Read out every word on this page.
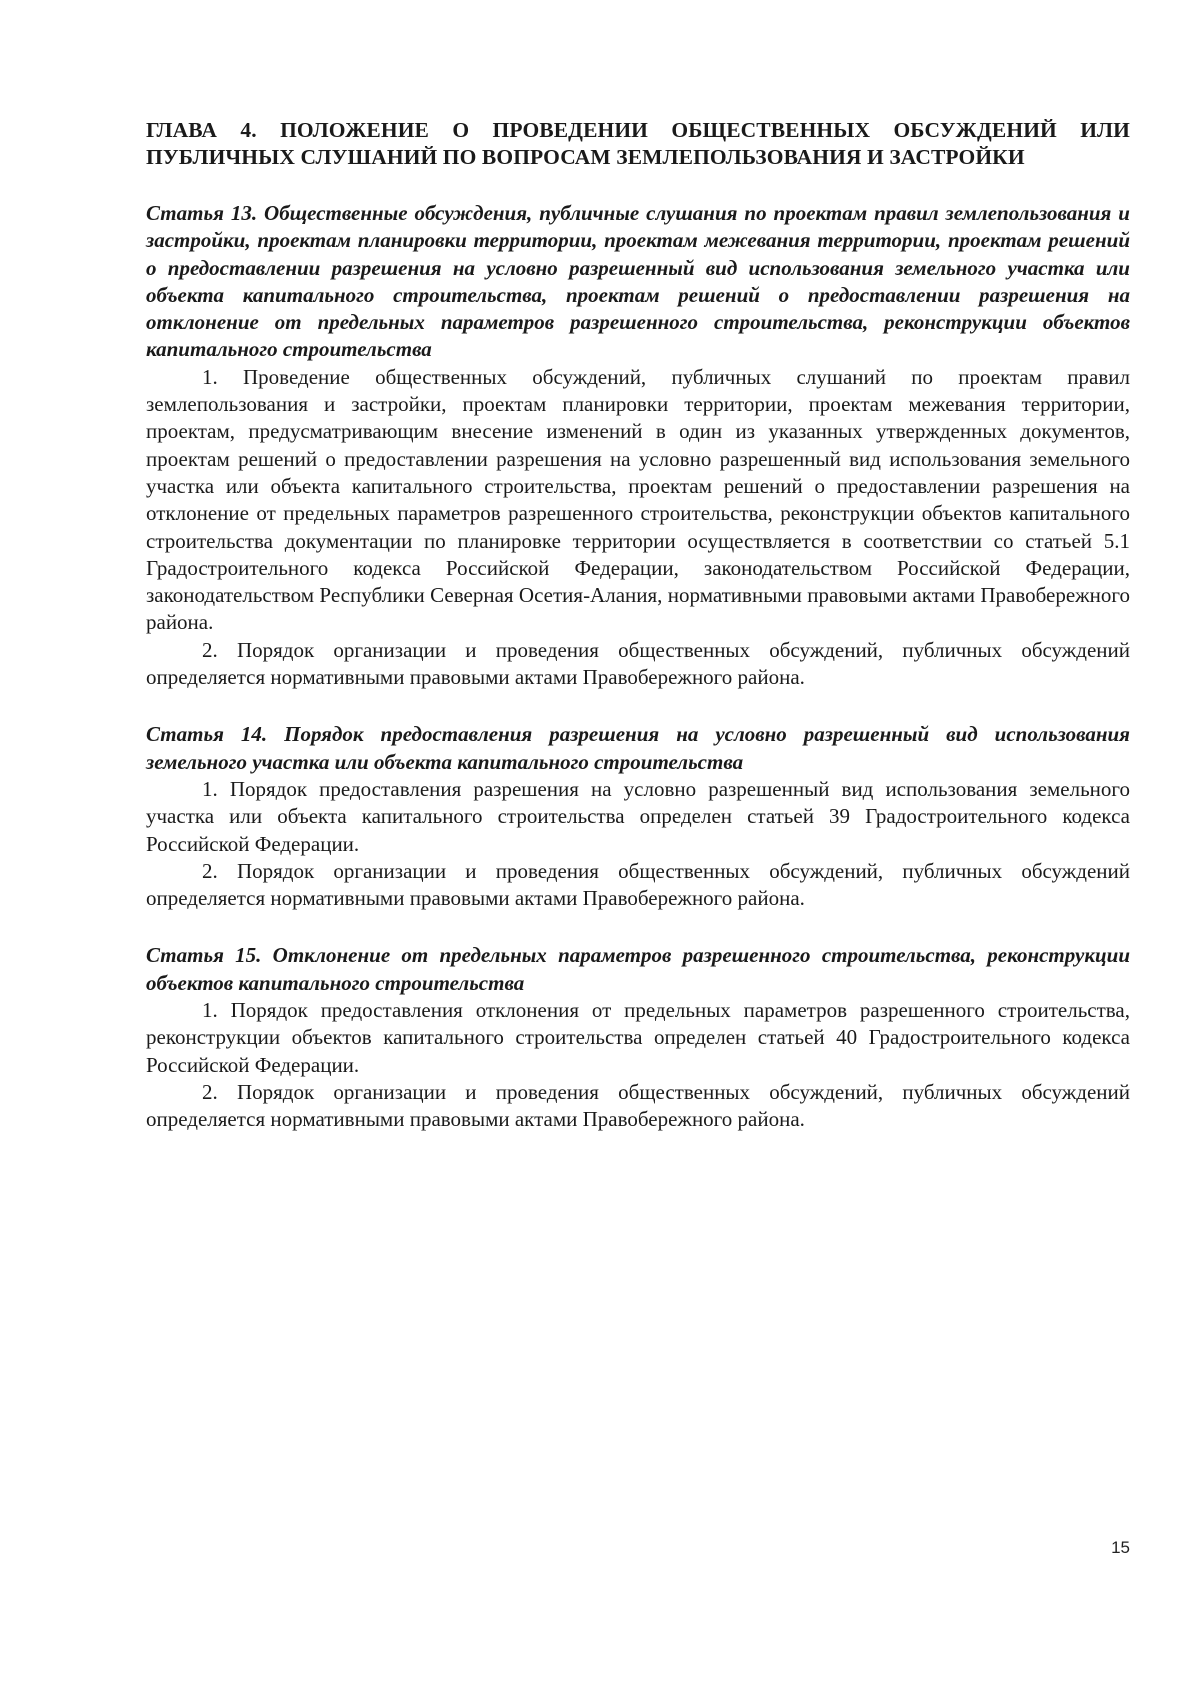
ГЛАВА 4. ПОЛОЖЕНИЕ О ПРОВЕДЕНИИ ОБЩЕСТВЕННЫХ ОБСУЖДЕНИЙ ИЛИ ПУБЛИЧНЫХ СЛУШАНИЙ ПО ВОПРОСАМ ЗЕМЛЕПОЛЬЗОВАНИЯ И ЗАСТРОЙКИ
Статья 13. Общественные обсуждения, публичные слушания по проектам правил землепользования и застройки, проектам планировки территории, проектам межевания территории, проектам решений о предоставлении разрешения на условно разрешенный вид использования земельного участка или объекта капитального строительства, проектам решений о предоставлении разрешения на отклонение от предельных параметров разрешенного строительства, реконструкции объектов капитального строительства

1. Проведение общественных обсуждений, публичных слушаний по проектам правил землепользования и застройки, проектам планировки территории, проектам межевания территории, проектам, предусматривающим внесение изменений в один из указанных утвержденных документов, проектам решений о предоставлении разрешения на условно разрешенный вид использования земельного участка или объекта капитального строительства, проектам решений о предоставлении разрешения на отклонение от предельных параметров разрешенного строительства, реконструкции объектов капитального строительства документации по планировке территории осуществляется в соответствии со статьей 5.1 Градостроительного кодекса Российской Федерации, законодательством Российской Федерации, законодательством Республики Северная Осетия-Алания, нормативными правовыми актами Правобережного района.

2. Порядок организации и проведения общественных обсуждений, публичных обсуждений определяется нормативными правовыми актами Правобережного района.

Статья 14. Порядок предоставления разрешения на условно разрешенный вид использования земельного участка или объекта капитального строительства

1. Порядок предоставления разрешения на условно разрешенный вид использования земельного участка или объекта капитального строительства определен статьей 39 Градостроительного кодекса Российской Федерации.

2. Порядок организации и проведения общественных обсуждений, публичных обсуждений определяется нормативными правовыми актами Правобережного района.

Статья 15. Отклонение от предельных параметров разрешенного строительства, реконструкции объектов капитального строительства

1. Порядок предоставления отклонения от предельных параметров разрешенного строительства, реконструкции объектов капитального строительства определен статьей 40 Градостроительного кодекса Российской Федерации.

2. Порядок организации и проведения общественных обсуждений, публичных обсуждений определяется нормативными правовыми актами Правобережного района.

15
